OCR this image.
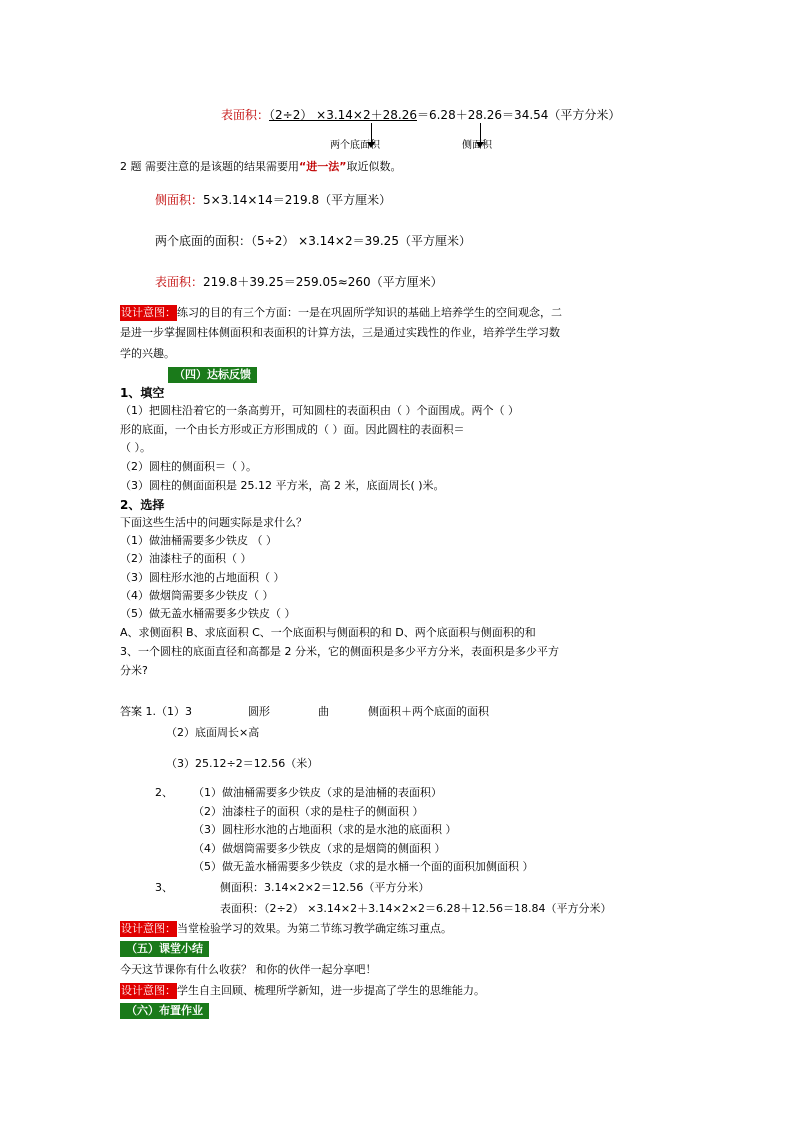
表面积：（2÷2） ×3.14×2＋28.26＝6.28＋28.26＝34.54（平方分米）
两个底面积	侧面积
2 题 需要注意的是该题的结果需要用“进一法”取近似数。
侧面积：5×3.14×14＝219.8（平方厘米）
两个底面的面积：（5÷2） ×3.14×2＝39.25（平方厘米）
表面积：219.8＋39.25＝259.05≈260（平方厘米）
设计意图：练习的目的有三个方面：一是在巩固所学知识的基础上培养学生的空间观念，二
是进一步掌握圆柱体侧面积和表面积的计算方法，三是通过实践性的作业，培养学生学习数
学的兴趣。
（四）达标反馈
1、填空
（1）把圆柱沿着它的一条高剪开，可知圆柱的表面积由（ ）个面围成。两个（ ）
形的底面，一个由长方形或正方形围成的（ ）面。因此圆柱的表面积＝
（ ）。
（2）圆柱的侧面积＝（ ）。
（3）圆柱的侧面面积是 25.12 平方米，高 2 米，底面周长( )米。
2、选择
下面这些生活中的问题实际是求什么？
（1）做油桶需要多少铁皮 （ ）
（2）油漆柱子的面积（ ）
（3）圆柱形水池的占地面积（ ）
（4）做烟筒需要多少铁皮（ ）
（5）做无盖水桶需要多少铁皮（ ）
A、求侧面积 B、求底面积 C、一个底面积与侧面积的和 D、两个底面积与侧面积的和
3、一个圆柱的底面直径和高都是 2 分米，它的侧面积是多少平方分米，表面积是多少平方
分米?
答案 1.（1）3	圆形	曲	侧面积＋两个底面的面积
（2）底面周长×高
（3）25.12÷2＝12.56（米）
2、 （1）做油桶需要多少铁皮（求的是油桶的表面积）
（2）油漆柱子的面积（求的是柱子的侧面积 ）
（3）圆柱形水池的占地面积（求的是水池的底面积 ）
（4）做烟筒需要多少铁皮（求的是烟筒的侧面积 ）
（5）做无盖水桶需要多少铁皮（求的是水桶一个面的面积加侧面积 ）
3、	侧面积：3.14×2×2＝12.56（平方分米）
表面积：（2÷2） ×3.14×2＋3.14×2×2＝6.28＋12.56＝18.84（平方分米）
设计意图：当堂检验学习的效果。为第二节练习教学确定练习重点。
（五）课堂小结
今天这节课你有什么收获？ 和你的伙伴一起分享吧！
设计意图：学生自主回顾、梳理所学新知，进一步提高了学生的思维能力。
（六）布置作业
